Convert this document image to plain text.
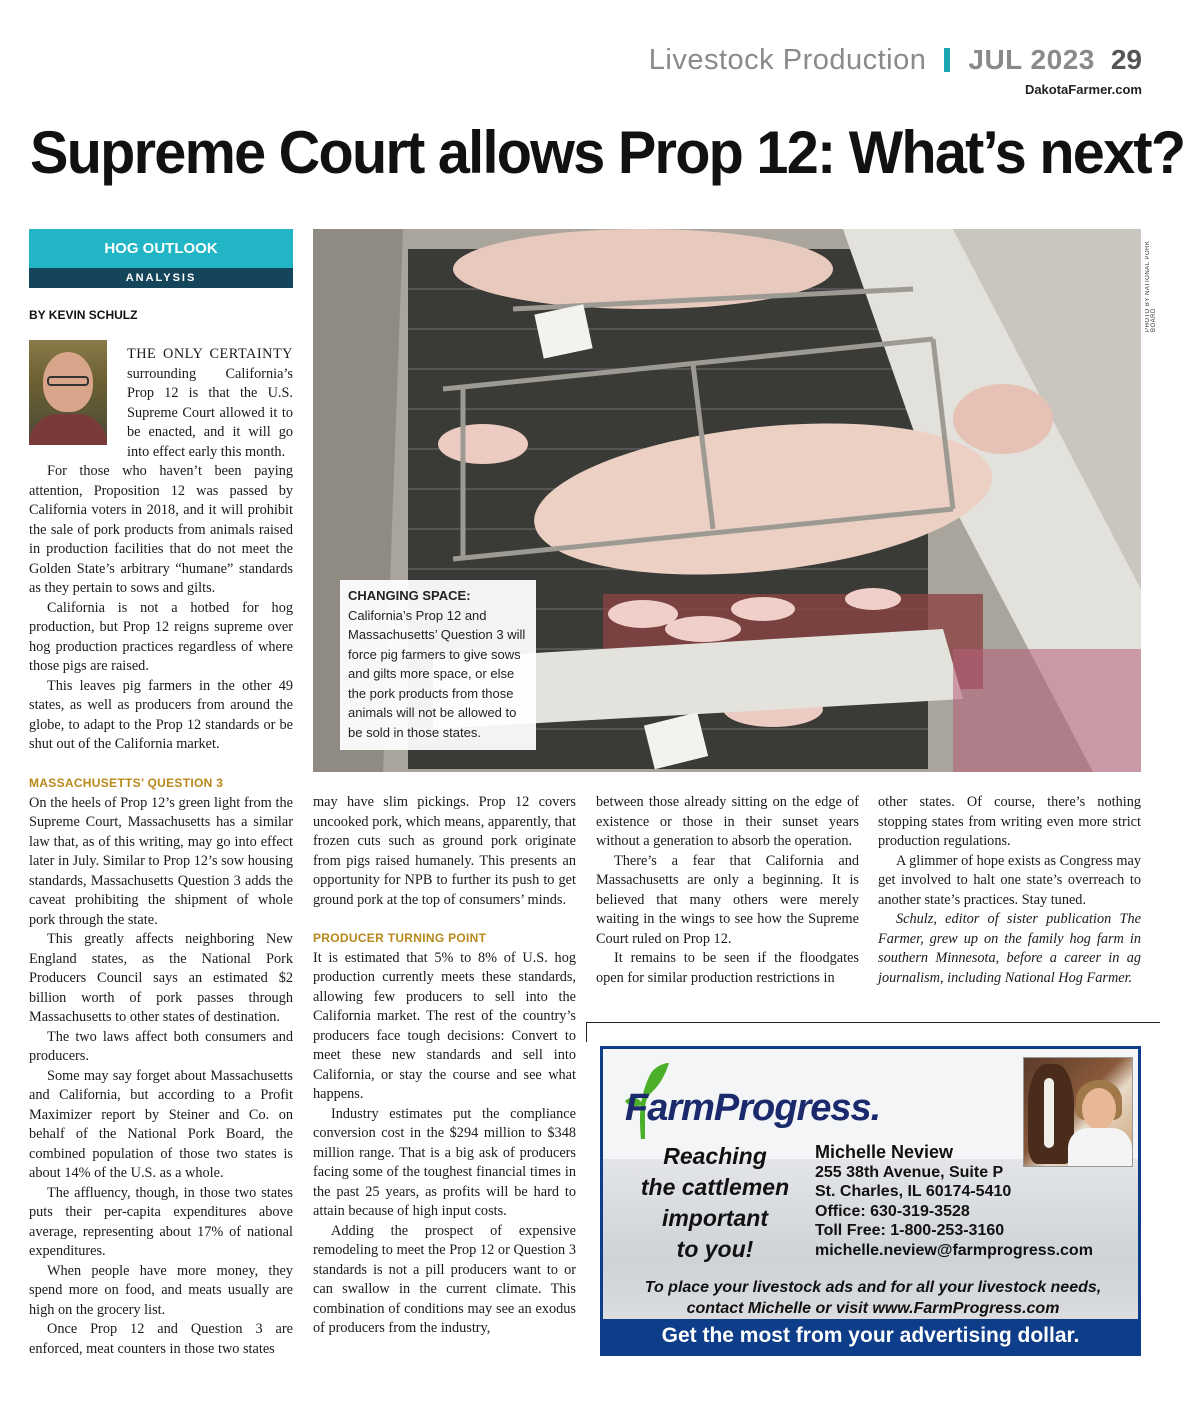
Livestock Production JUL 2023 29
DakotaFarmer.com
Supreme Court allows Prop 12: What’s next?
HOG OUTLOOK
ANALYSIS
BY KEVIN SCHULZ

THE ONLY CERTAINTY surrounding California’s Prop 12 is that the U.S. Supreme Court allowed it to be enacted, and it will go into effect early this month.

For those who haven’t been paying attention, Proposition 12 was passed by California voters in 2018, and it will prohibit the sale of pork products from animals raised in production facilities that do not meet the Golden State’s arbitrary “humane” standards as they pertain to sows and gilts.

California is not a hotbed for hog production, but Prop 12 reigns supreme over hog production practices regardless of where those pigs are raised.

This leaves pig farmers in the other 49 states, as well as producers from around the globe, to adapt to the Prop 12 standards or be shut out of the California market.

MASSACHUSETTS’ QUESTION 3

On the heels of Prop 12’s green light from the Supreme Court, Massachusetts has a similar law that, as of this writing, may go into effect later in July. Similar to Prop 12’s sow housing standards, Massachusetts Question 3 adds the caveat prohibiting the shipment of whole pork through the state.

This greatly affects neighboring New England states, as the National Pork Producers Council says an estimated $2 billion worth of pork passes through Massachusetts to other states of destination.

The two laws affect both consumers and producers.

Some may say forget about Massachusetts and California, but according to a Profit Maximizer report by Steiner and Co. on behalf of the National Pork Board, the combined population of those two states is about 14% of the U.S. as a whole.

The affluency, though, in those two states puts their per-capita expenditures above average, representing about 17% of national expenditures.

When people have more money, they spend more on food, and meats usually are high on the grocery list.

Once Prop 12 and Question 3 are enforced, meat counters in those two states

may have slim pickings. Prop 12 covers uncooked pork, which means, apparently, that frozen cuts such as ground pork originate from pigs raised humanely. This presents an opportunity for NPB to further its push to get ground pork at the top of consumers’ minds.

PRODUCER TURNING POINT

It is estimated that 5% to 8% of U.S. hog production currently meets these standards, allowing few producers to sell into the California market. The rest of the country’s producers face tough decisions: Convert to meet these new standards and sell into California, or stay the course and see what happens.

Industry estimates put the compliance conversion cost in the $294 million to $348 million range. That is a big ask of producers facing some of the toughest financial times in the past 25 years, as profits will be hard to attain because of high input costs.

Adding the prospect of expensive remodeling to meet the Prop 12 or Question 3 standards is not a pill producers want to or can swallow in the current climate. This combination of conditions may see an exodus of producers from the industry,

between those already sitting on the edge of existence or those in their sunset years without a generation to absorb the operation.

There’s a fear that California and Massachusetts are only a beginning. It is believed that many others were merely waiting in the wings to see how the Supreme Court ruled on Prop 12.

It remains to be seen if the floodgates open for similar production restrictions in

other states. Of course, there’s nothing stopping states from writing even more strict production regulations.

A glimmer of hope exists as Congress may get involved to halt one state’s overreach to another state’s practices. Stay tuned.

Schulz, editor of sister publication The Farmer, grew up on the family hog farm in southern Minnesota, before a career in ag journalism, including National Hog Farmer.

PHOTO BY NATIONAL PORK BOARD
CHANGING SPACE: California’s Prop 12 and Massachusetts’ Question 3 will force pig farmers to give sows and gilts more space, or else the pork products from those animals will not be allowed to be sold in those states.
FarmProgress.
Reaching
the cattlemen
important
to you!
Michelle Neview
255 38th Avenue, Suite P
St. Charles, IL 60174-5410
Office: 630-319-3528
Toll Free: 1-800-253-3160
michelle.neview@farmprogress.com
To place your livestock ads and for all your livestock needs,
contact Michelle or visit www.FarmProgress.com
Get the most from your advertising dollar.
